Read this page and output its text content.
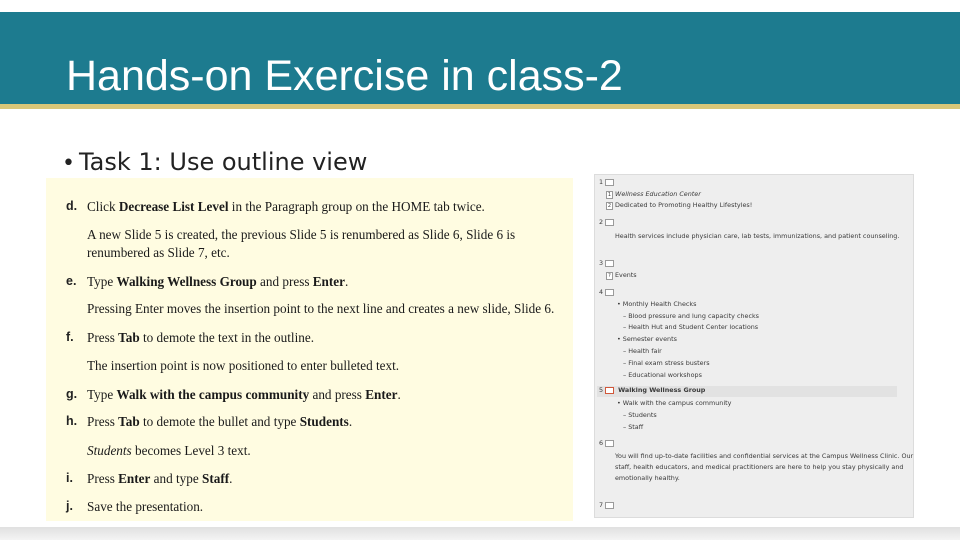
Hands-on Exercise in class-2
• Task 1: Use outline view
d. Click Decrease List Level in the Paragraph group on the HOME tab twice.
A new Slide 5 is created, the previous Slide 5 is renumbered as Slide 6, Slide 6 is renumbered as Slide 7, etc.
e. Type Walking Wellness Group and press Enter.
Pressing Enter moves the insertion point to the next line and creates a new slide, Slide 6.
f. Press Tab to demote the text in the outline.
The insertion point is now positioned to enter bulleted text.
g. Type Walk with the campus community and press Enter.
h. Press Tab to demote the bullet and type Students.
Students becomes Level 3 text.
i. Press Enter and type Staff.
j. Save the presentation.
1
1 Wellness Education Center
2 Dedicated to Promoting Healthy Lifestyles!
2
Health services include physician care, lab tests, immunizations, and patient counseling.
3
? Events
4
• Monthly Health Checks
– Blood pressure and lung capacity checks
– Health Hut and Student Center locations
• Semester events
– Health fair
– Final exam stress busters
– Educational workshops
5 Walking Wellness Group
• Walk with the campus community
– Students
– Staff
6
You will find up-to-date facilities and confidential services at the Campus Wellness Clinic. Our
staff, health educators, and medical practitioners are here to help you stay physically and
emotionally healthy.
7
